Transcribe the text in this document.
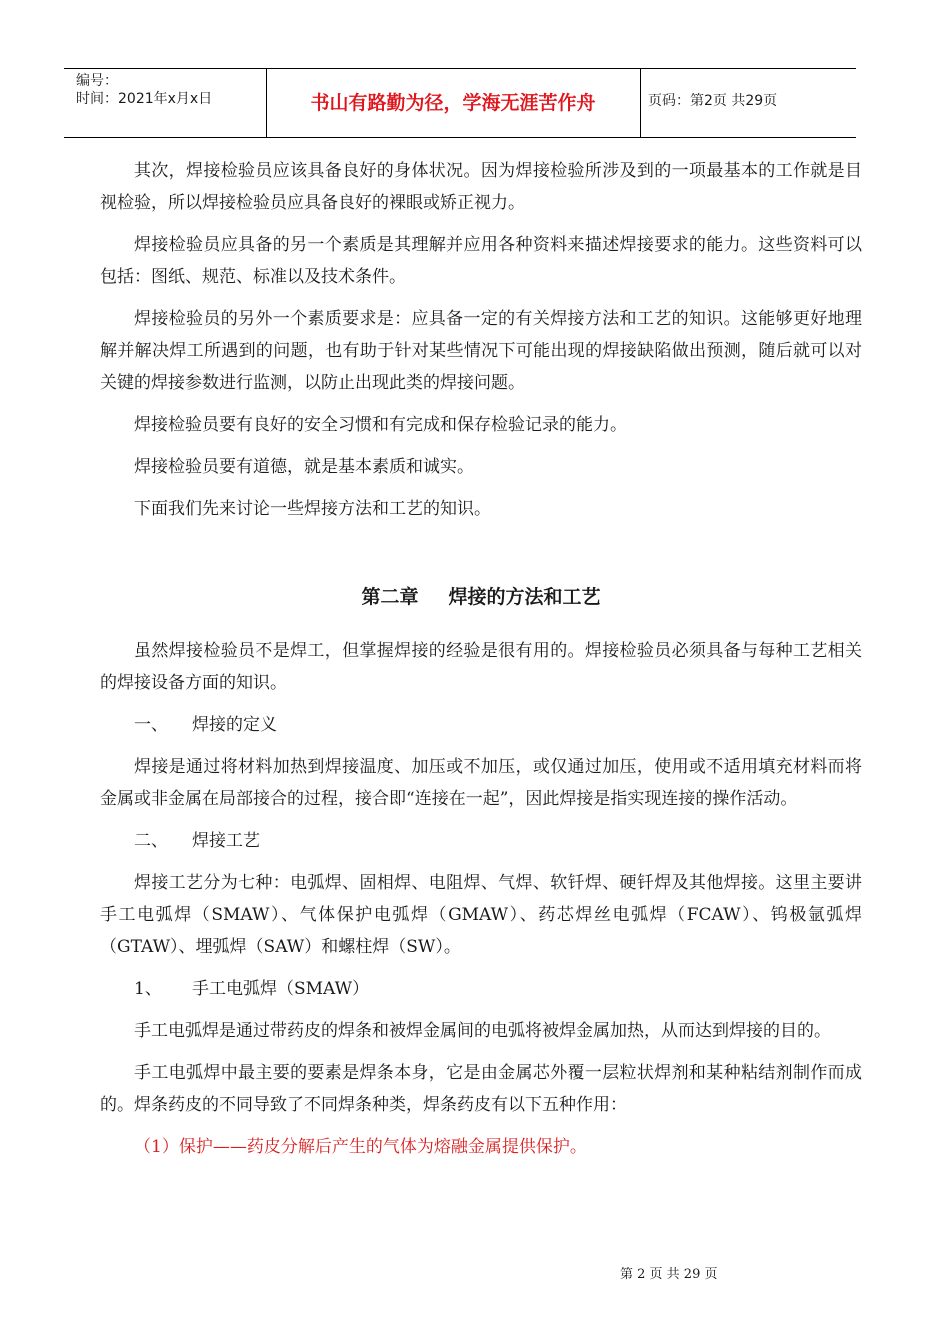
编号：
时间：2021年x月x日	书山有路勤为径，学海无涯苦作舟	页码：第2页 共29页

其次，焊接检验员应该具备良好的身体状况。因为焊接检验所涉及到的一项最基本的工作就是目视检验，所以焊接检验员应具备良好的裸眼或矫正视力。

焊接检验员应具备的另一个素质是其理解并应用各种资料来描述焊接要求的能力。这些资料可以包括：图纸、规范、标准以及技术条件。

焊接检验员的另外一个素质要求是：应具备一定的有关焊接方法和工艺的知识。这能够更好地理解并解决焊工所遇到的问题，也有助于针对某些情况下可能出现的焊接缺陷做出预测，随后就可以对关键的焊接参数进行监测，以防止出现此类的焊接问题。

焊接检验员要有良好的安全习惯和有完成和保存检验记录的能力。

焊接检验员要有道德，就是基本素质和诚实。

下面我们先来讨论一些焊接方法和工艺的知识。

第二章 焊接的方法和工艺

虽然焊接检验员不是焊工，但掌握焊接的经验是很有用的。焊接检验员必须具备与每种工艺相关的焊接设备方面的知识。

一、 焊接的定义

焊接是通过将材料加热到焊接温度、加压或不加压，或仅通过加压，使用或不适用填充材料而将金属或非金属在局部接合的过程，接合即“连接在一起”，因此焊接是指实现连接的操作活动。

二、 焊接工艺

焊接工艺分为七种：电弧焊、固相焊、电阻焊、气焊、软钎焊、硬钎焊及其他焊接。这里主要讲手工电弧焊（SMAW）、气体保护电弧焊（GMAW）、药芯焊丝电弧焊（FCAW）、钨极氩弧焊（GTAW）、埋弧焊（SAW）和螺柱焊（SW）。

1、 手工电弧焊（SMAW）

手工电弧焊是通过带药皮的焊条和被焊金属间的电弧将被焊金属加热，从而达到焊接的目的。

手工电弧焊中最主要的要素是焊条本身，它是由金属芯外覆一层粒状焊剂和某种粘结剂制作而成的。焊条药皮的不同导致了不同焊条种类，焊条药皮有以下五种作用：

（1）保护——药皮分解后产生的气体为熔融金属提供保护。

第 2 页 共 29 页
